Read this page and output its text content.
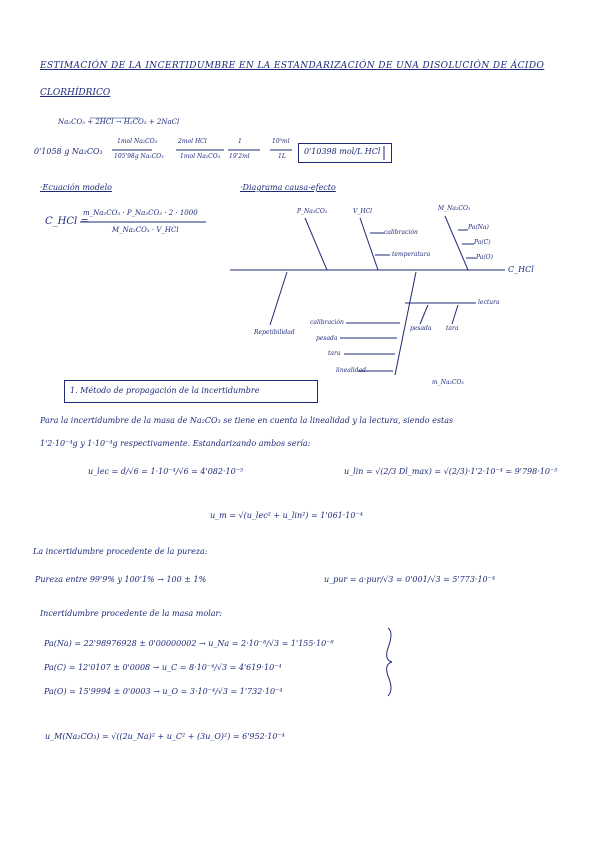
ESTIMACIÓN DE LA INCERTIDUMBRE EN LA ESTANDARIZACIÓN DE UNA DISOLUCIÓN DE ÁCIDO
CLORHÍDRICO
Na₂CO₃ + 2HCl → H₂CO₃ + 2NaCl
0'1058 g Na₂CO₃
1mol Na₂CO₃
105'98g Na₂CO₃
2mol HCl
1mol Na₂CO₃
1
19'2ml
10³ml
1L
0'10398 mol/L HCl
·Ecuación modelo
C_HCl =
m_Na₂CO₃ · P_Na₂CO₃ · 2 · 1000
M_Na₂CO₃ · V_HCl
·Diagrama causa-efecto
P_Na₂CO₃	V_HCl	M_Na₂CO₃
calibración
temperatura
Pa(Na)
Pa(C)
Pa(O)
C_HCl
Repetibilidad
m_Na₂CO₃
calibración
pesada
tara
linealidad
lectura
pesada tara
1. Método de propagación de la incertidumbre
Para la incertidumbre de la masa de Na₂CO₃ se tiene en cuenta la linealidad y la lectura, siendo estas
1'2·10⁻⁴g y 1·10⁻⁴g respectivamente. Estandarizando ambos sería:
u_lec = d/√6 = 1·10⁻⁴/√6 = 4'082·10⁻⁵	u_lin = √(2/3 Dl_max) = √(2/3)·1'2·10⁻⁴ = 9'798·10⁻⁵
u_m = √(u_lec² + u_lin²) = 1'061·10⁻⁴
La incertidumbre procedente de la pureza:
Pureza entre 99'9% y 100'1% → 100 ± 1%	u_pur = a·pur/√3 = 0'001/√3 = 5'773·10⁻⁴
Incertidumbre procedente de la masa molar:
Pa(Na) = 22'98976928 ± 0'00000002 → u_Na = 2·10⁻⁸/√3 = 1'155·10⁻⁸
Pa(C) = 12'0107 ± 0'0008 → u_C = 8·10⁻⁴/√3 = 4'619·10⁻⁴
Pa(O) = 15'9994 ± 0'0003 → u_O = 3·10⁻⁴/√3 = 1'732·10⁻⁴
u_M(Na₂CO₃) = √((2u_Na)² + u_C² + (3u_O)²) = 6'952·10⁻⁴
